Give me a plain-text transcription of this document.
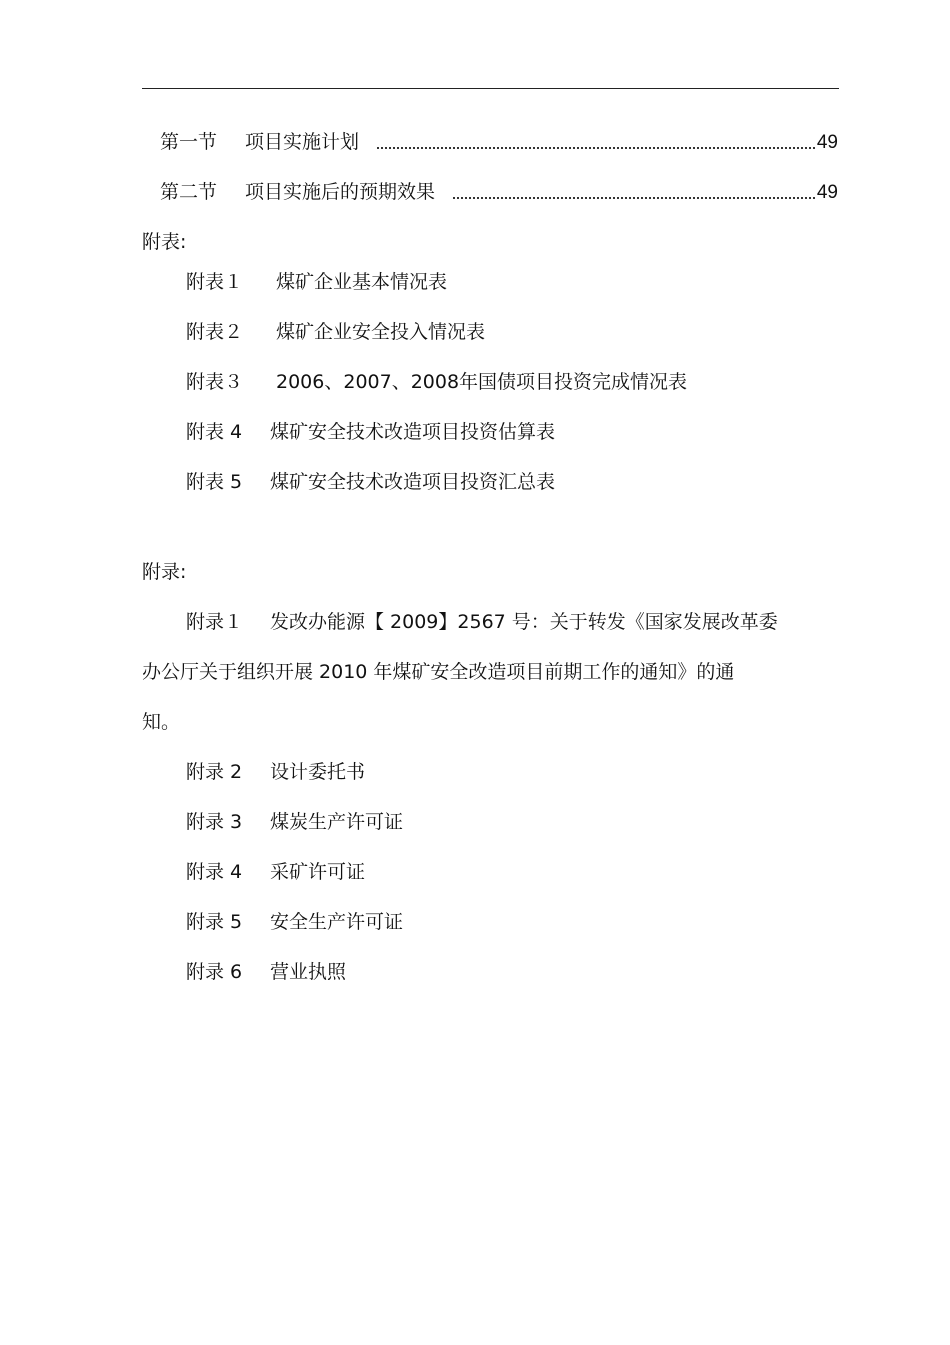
第一节	项目实施计划	49
第二节	项目实施后的预期效果	49
附表:
附表１ 煤矿企业基本情况表
附表２ 煤矿企业安全投入情况表
附表３ 2006、2007、2008年国债项目投资完成情况表
附表 4 煤矿安全技术改造项目投资估算表
附表 5 煤矿安全技术改造项目投资汇总表
附录:
附录１ 发改办能源【 2009】2567 号：关于转发《国家发展改革委
办公厅关于组织开展 2010 年煤矿安全改造项目前期工作的通知》的通
知。
附录 2 设计委托书
附录 3 煤炭生产许可证
附录 4 采矿许可证
附录 5 安全生产许可证
附录 6 营业执照
